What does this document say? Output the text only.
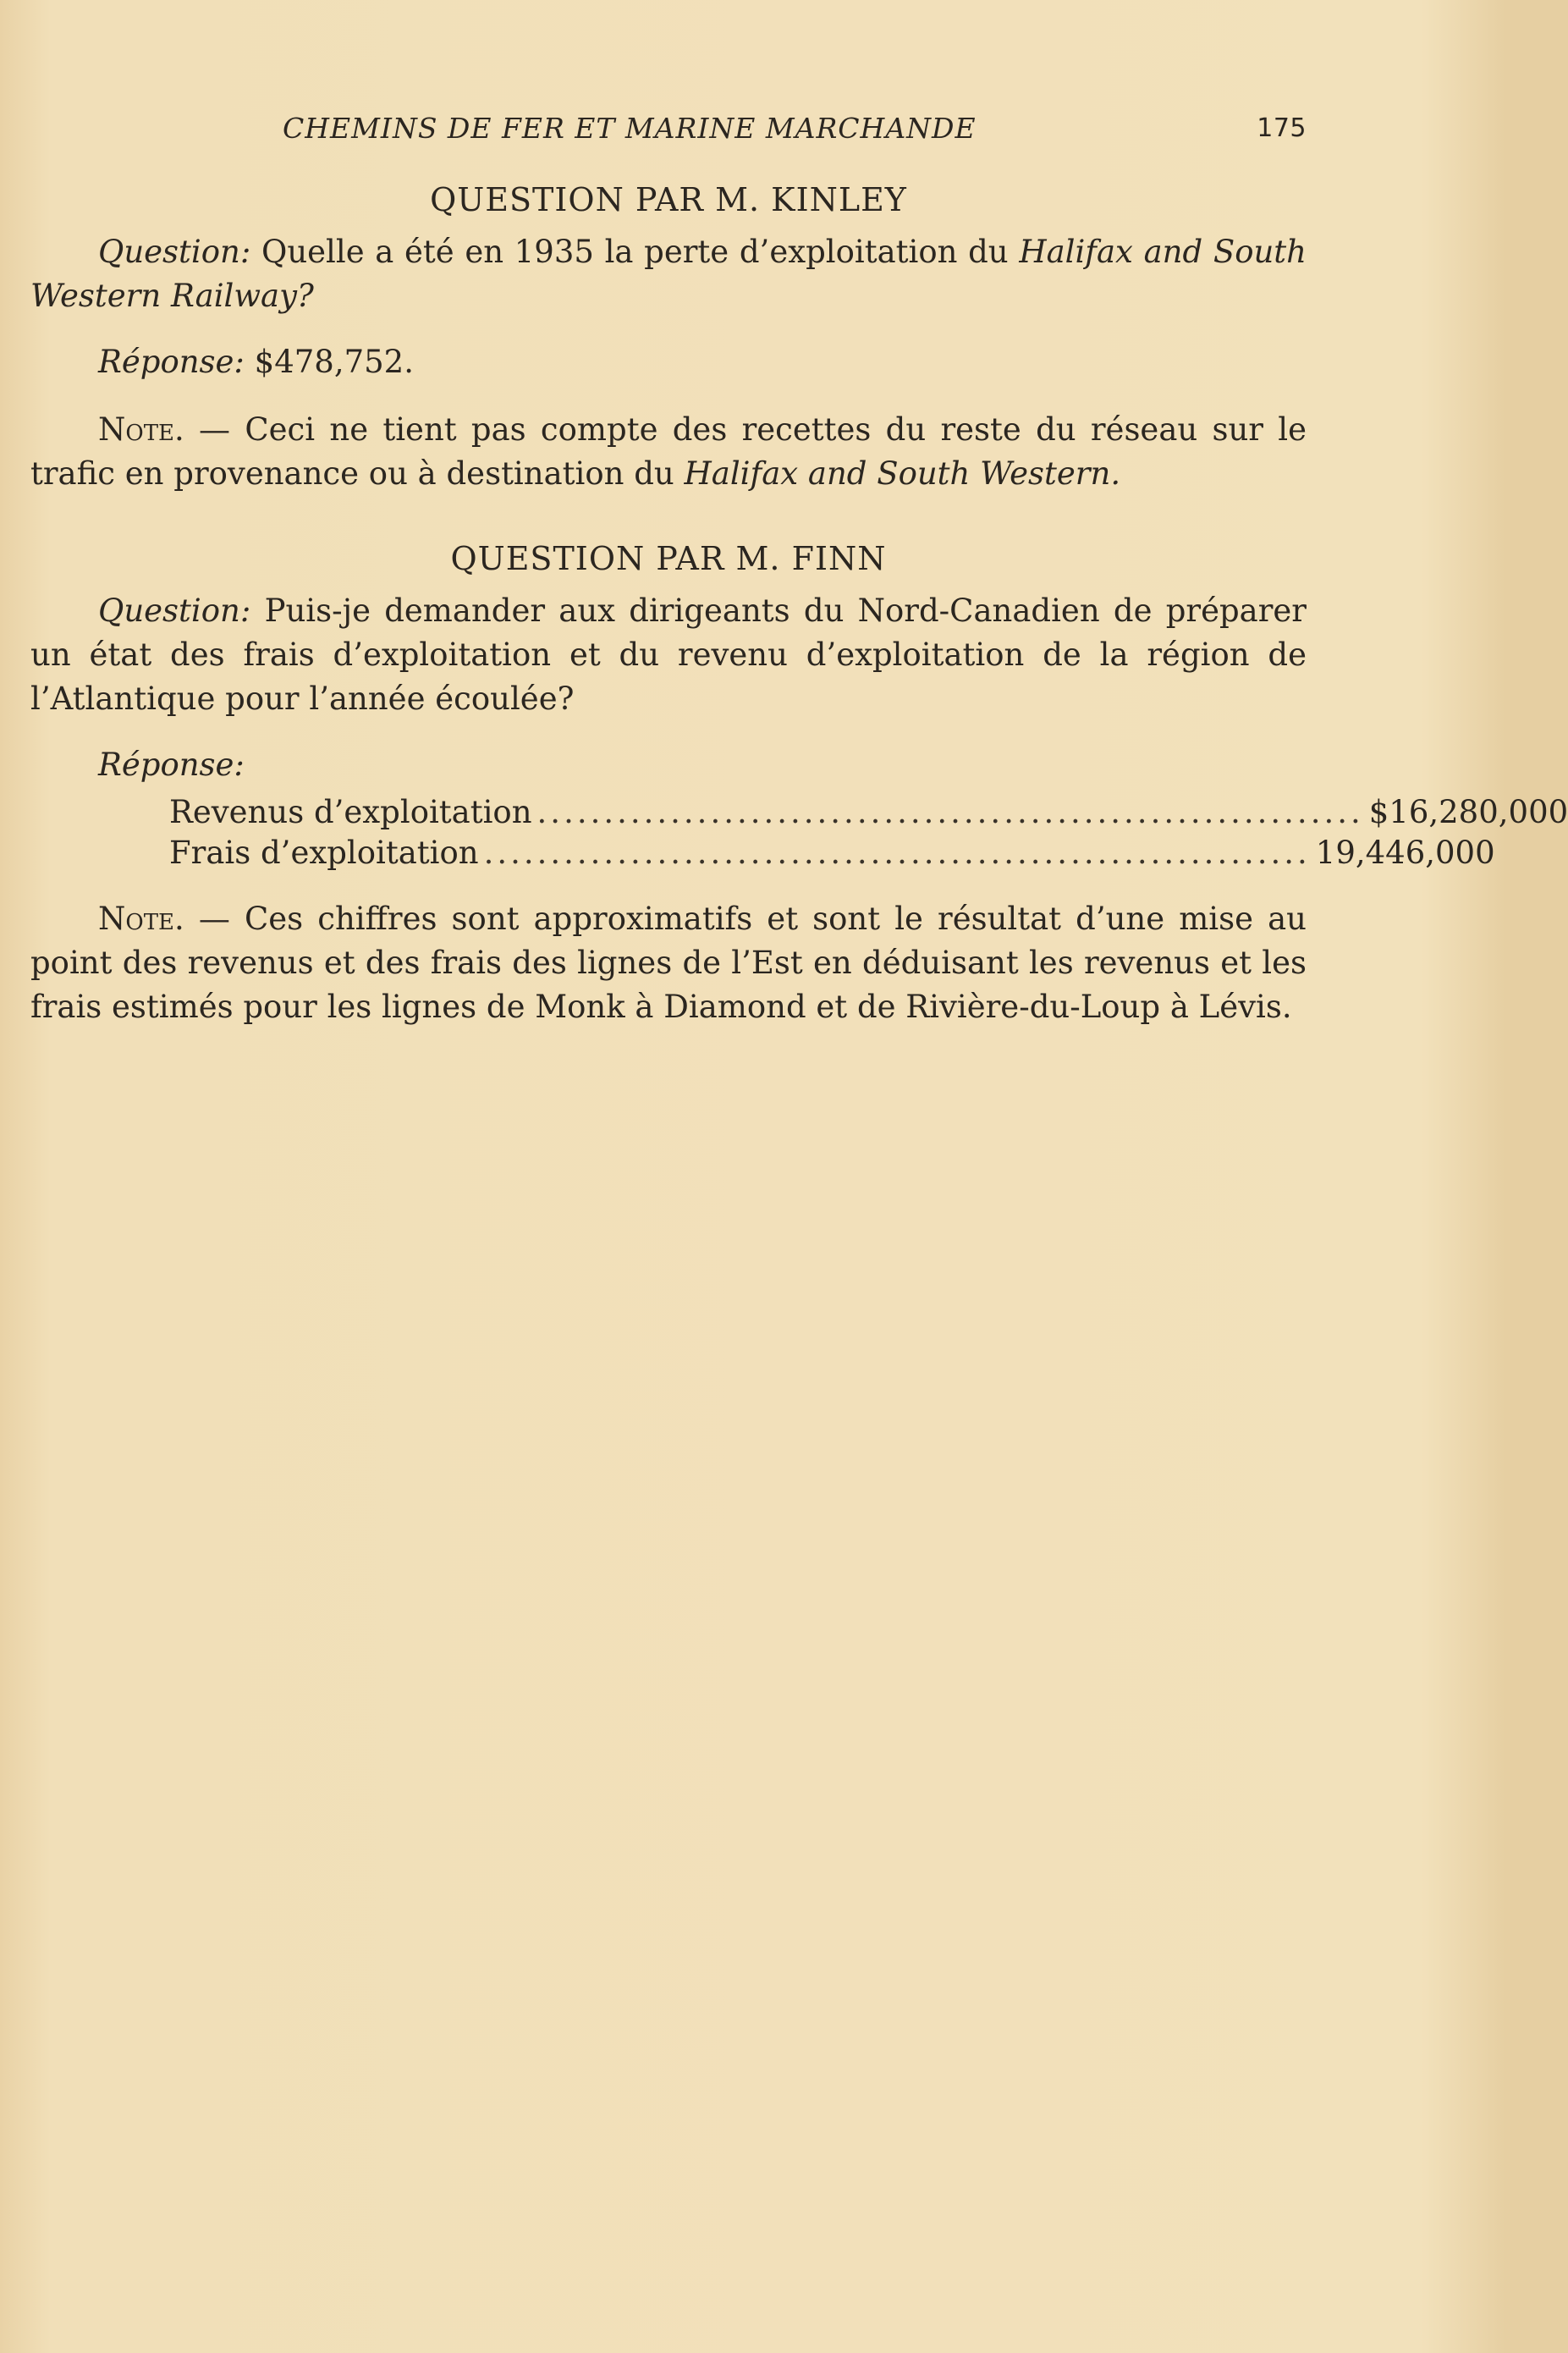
CHEMINS DE FER ET MARINE MARCHANDE	175
QUESTION PAR M. KINLEY

Question: Quelle a été en 1935 la perte d’exploitation du Halifax and South Western Railway?

Réponse: $478,752.

Note. — Ceci ne tient pas compte des recettes du reste du réseau sur le trafic en provenance ou à destination du Halifax and South Western.

QUESTION PAR M. FINN

Question: Puis-je demander aux dirigeants du Nord-Canadien de préparer un état des frais d’exploitation et du revenu d’exploitation de la région de l’Atlantique pour l’année écoulée?

Réponse:

Revenus d’exploitation .............................................................. $ 16,280,000
Frais d’exploitation .............................................................. 19,446,000

Note. — Ces chiffres sont approximatifs et sont le résultat d’une mise au point des revenus et des frais des lignes de l’Est en déduisant les revenus et les frais estimés pour les lignes de Monk à Diamond et de Rivière-du-Loup à Lévis.
